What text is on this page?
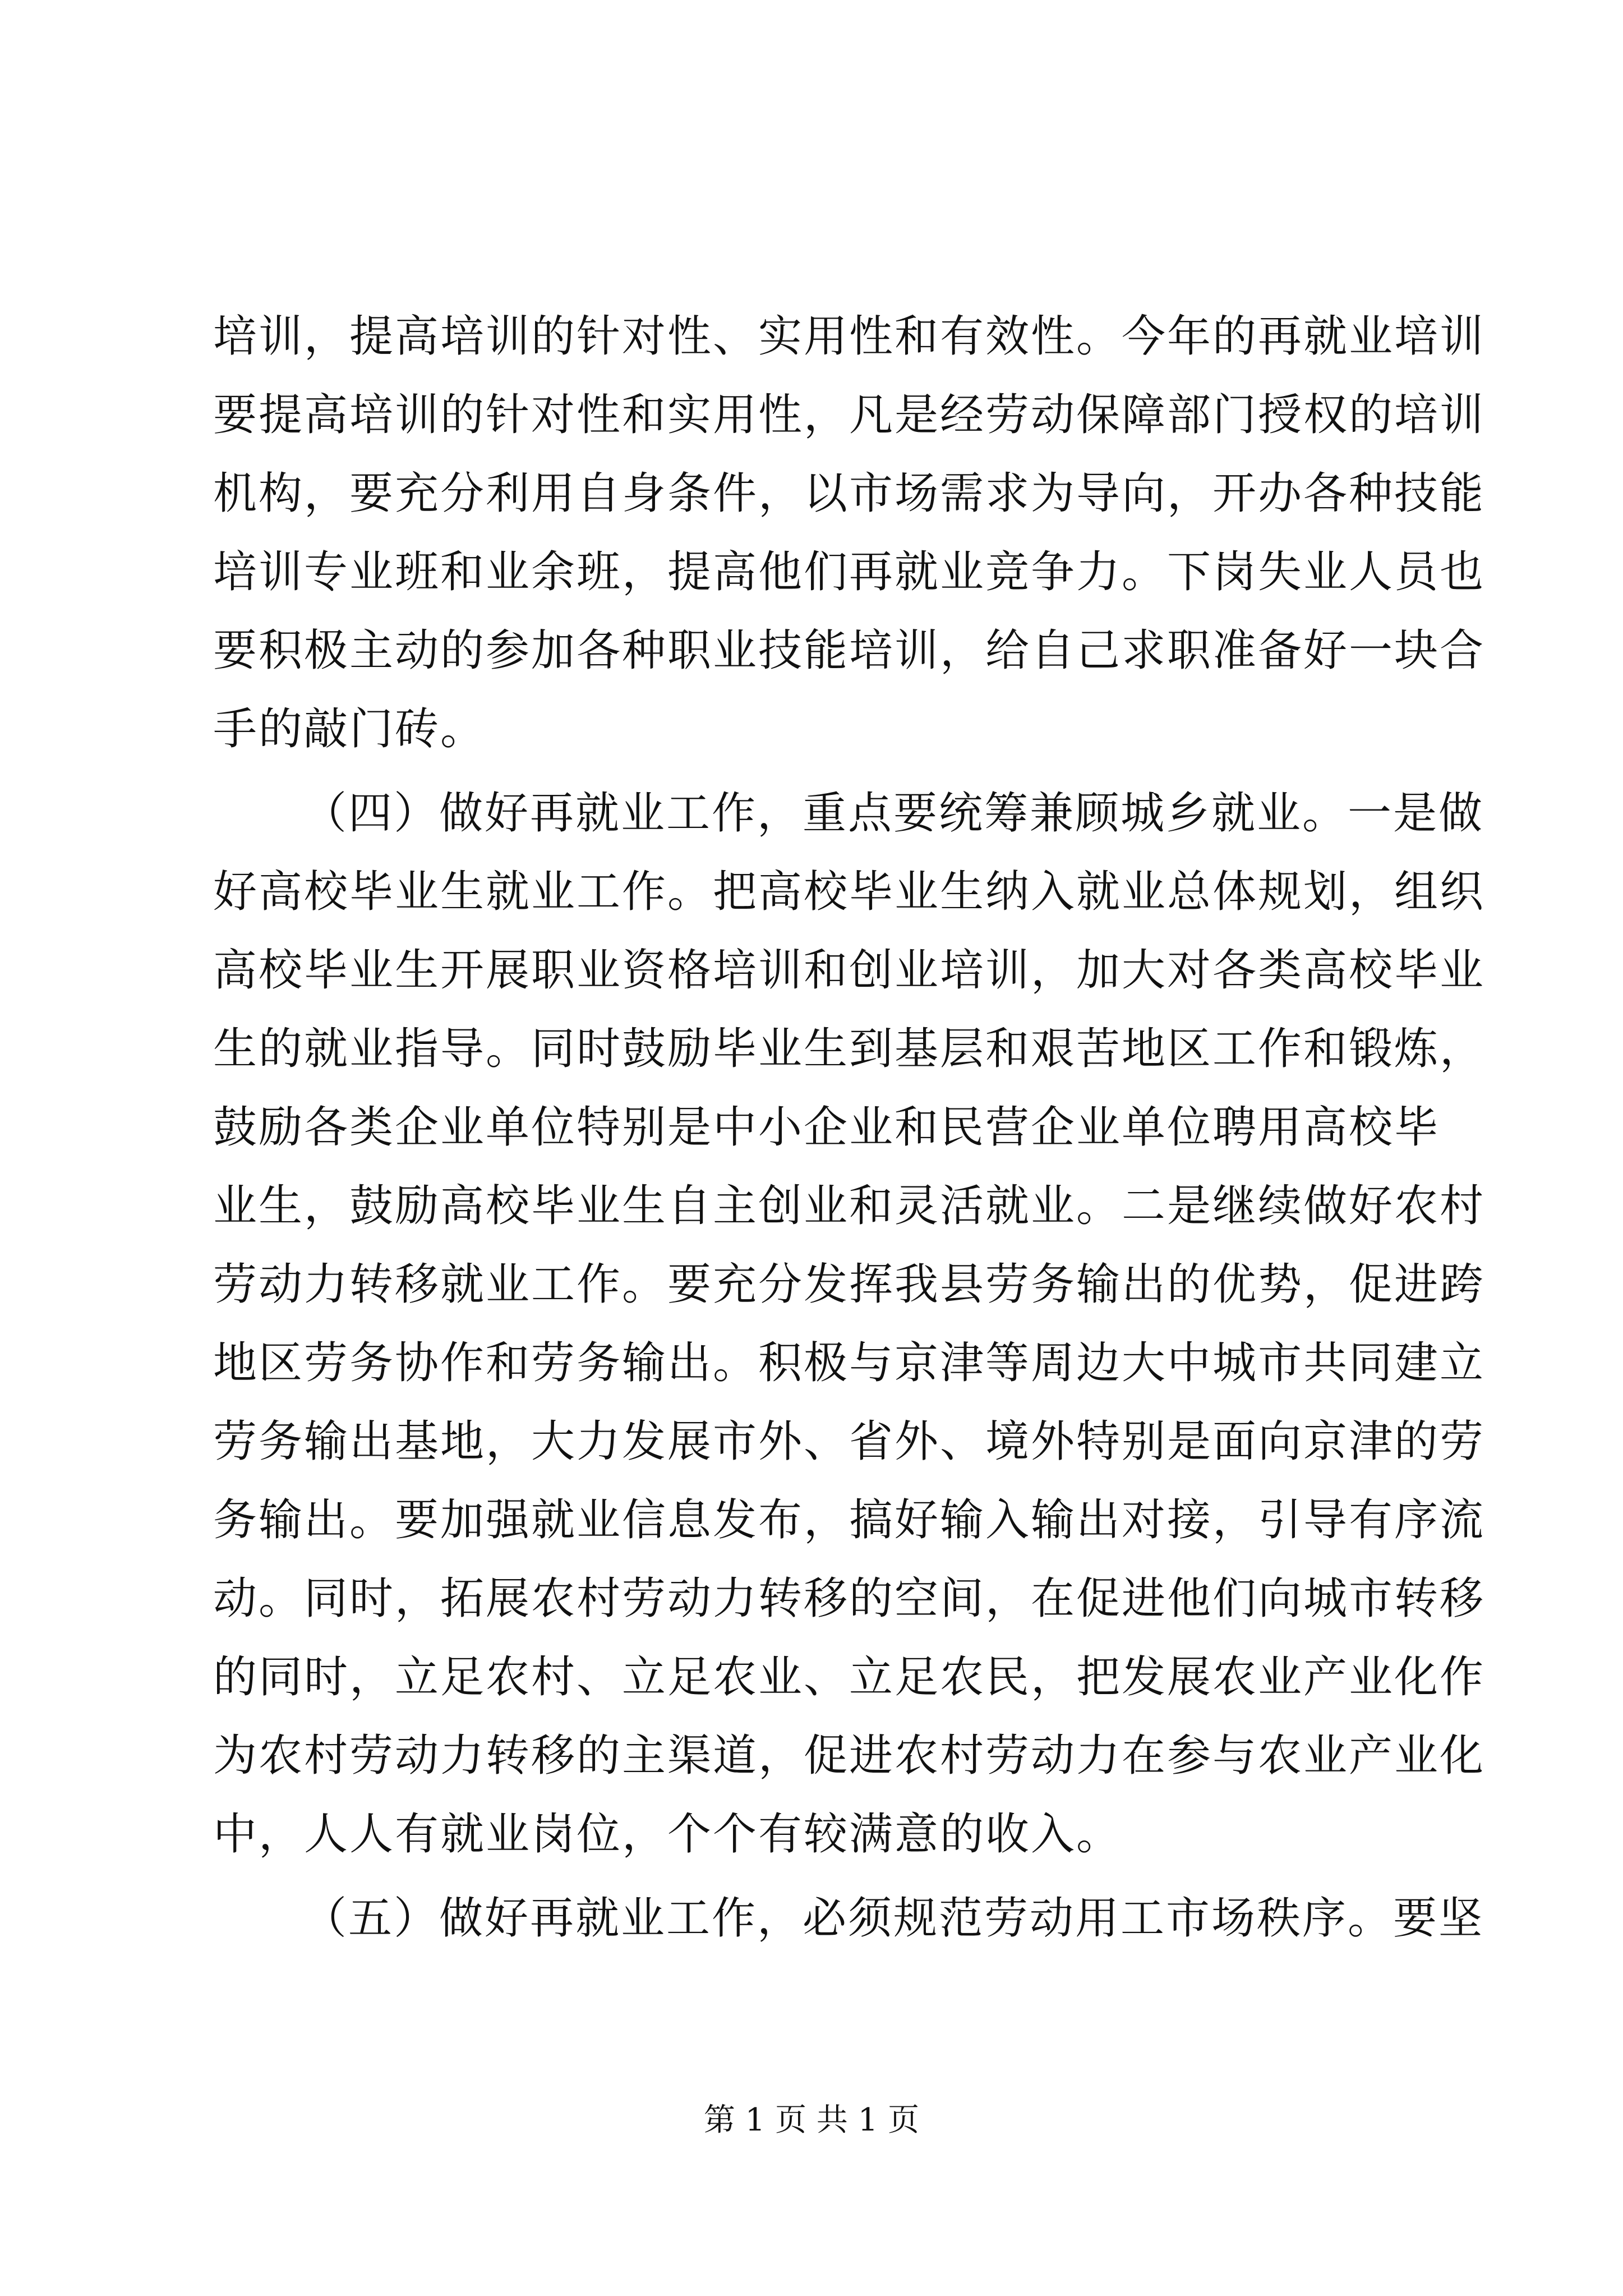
培训，提高培训的针对性、实用性和有效性。今年的再就业培训
要提高培训的针对性和实用性，凡是经劳动保障部门授权的培训
机构，要充分利用自身条件，以市场需求为导向，开办各种技能
培训专业班和业余班，提高他们再就业竞争力。下岗失业人员也
要积极主动的参加各种职业技能培训，给自己求职准备好一块合
手的敲门砖。
（四）做好再就业工作，重点要统筹兼顾城乡就业。一是做
好高校毕业生就业工作。把高校毕业生纳入就业总体规划，组织
高校毕业生开展职业资格培训和创业培训，加大对各类高校毕业
生的就业指导。同时鼓励毕业生到基层和艰苦地区工作和锻炼，
鼓励各类企业单位特别是中小企业和民营企业单位聘用高校毕
业生，鼓励高校毕业生自主创业和灵活就业。二是继续做好农村
劳动力转移就业工作。要充分发挥我县劳务输出的优势，促进跨
地区劳务协作和劳务输出。积极与京津等周边大中城市共同建立
劳务输出基地，大力发展市外、省外、境外特别是面向京津的劳
务输出。要加强就业信息发布，搞好输入输出对接，引导有序流
动。同时，拓展农村劳动力转移的空间，在促进他们向城市转移
的同时，立足农村、立足农业、立足农民，把发展农业产业化作
为农村劳动力转移的主渠道，促进农村劳动力在参与农业产业化
中，人人有就业岗位，个个有较满意的收入。
（五）做好再就业工作，必须规范劳动用工市场秩序。要坚
第 1 页 共 1 页
